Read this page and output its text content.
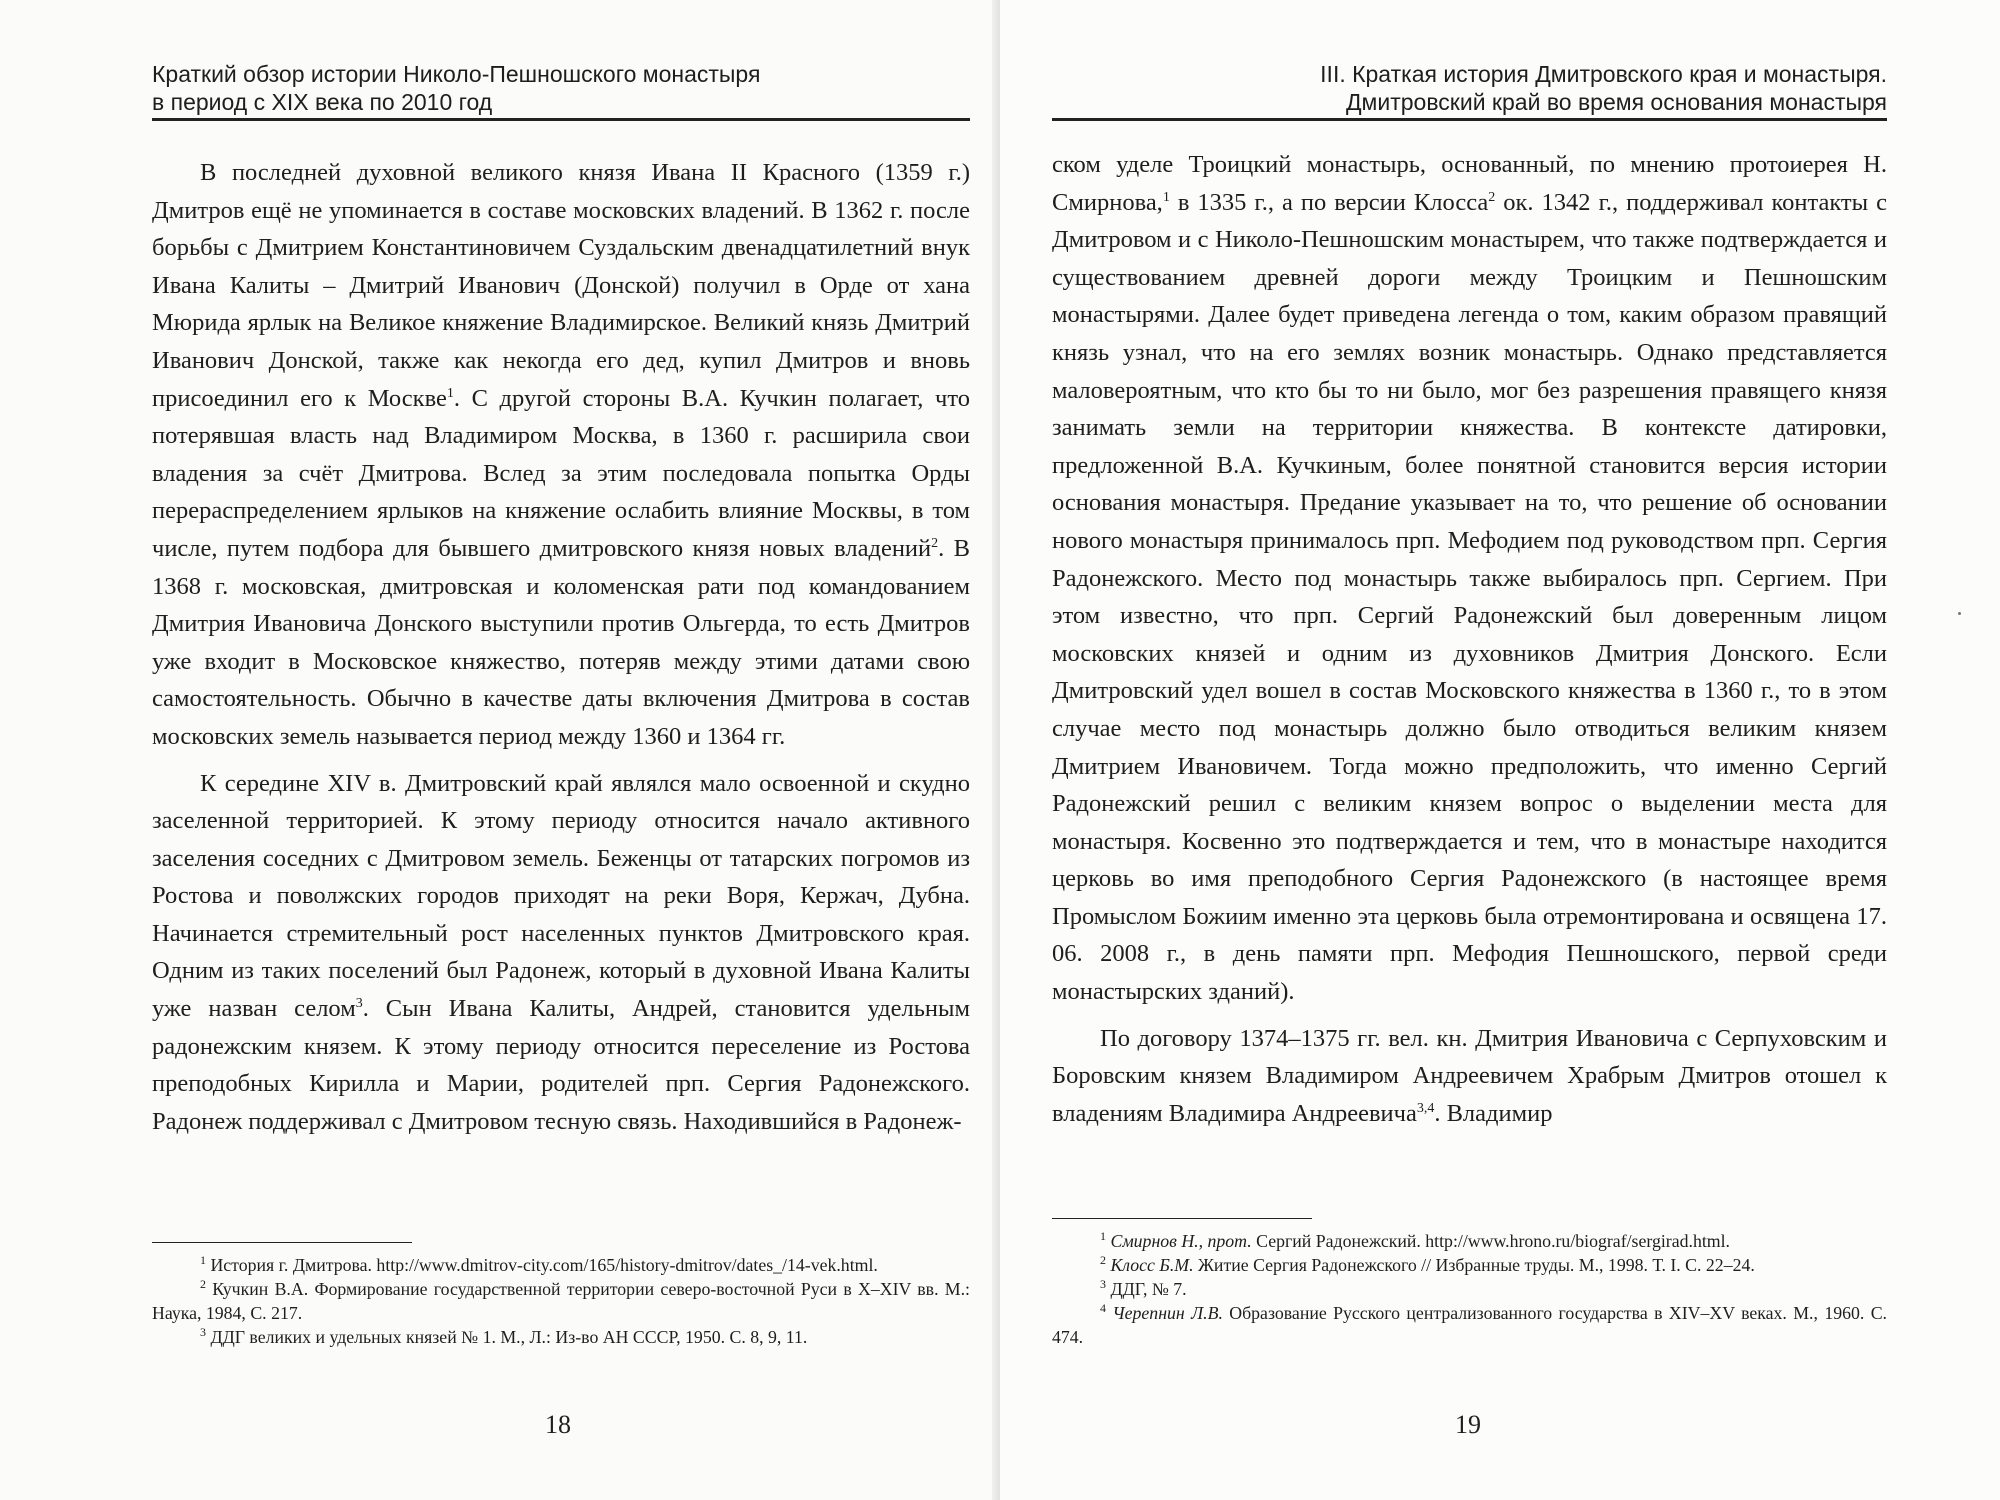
Краткий обзор истории Николо-Пешношского монастыря
в период с XIX века по 2010 год

В последней духовной великого князя Ивана II Красного (1359 г.) Дмитров ещё не упоминается в составе московских владений. В 1362 г. после борьбы с Дмитрием Константиновичем Суздальским двенадцатилетний внук Ивана Калиты – Дмитрий Иванович (Донской) получил в Орде от хана Мюрида ярлык на Великое княжение Владимирское. Великий князь Дмитрий Иванович Донской, также как некогда его дед, купил Дмитров и вновь присоединил его к Москве$^1$. С другой стороны В.А. Кучкин полагает, что потерявшая власть над Владимиром Москва, в 1360 г. расширила свои владения за счёт Дмитрова. Вслед за этим последовала попытка Орды перераспределением ярлыков на княжение ослабить влияние Москвы, в том числе, путем подбора для бывшего дмитровского князя новых владений$^2$. В 1368 г. московская, дмитровская и коломенская рати под командованием Дмитрия Ивановича Донского выступили против Ольгерда, то есть Дмитров уже входит в Московское княжество, потеряв между этими датами свою самостоятельность. Обычно в качестве даты включения Дмитрова в состав московских земель называется период между 1360 и 1364 гг.

К середине XIV в. Дмитровский край являлся мало освоенной и скудно заселенной территорией. К этому периоду относится начало активного заселения соседних с Дмитровом земель. Беженцы от татарских погромов из Ростова и поволжских городов приходят на реки Воря, Кержач, Дубна. Начинается стремительный рост населенных пунктов Дмитровского края. Одним из таких поселений был Радонеж, который в духовной Ивана Калиты уже назван селом$^3$. Сын Ивана Калиты, Андрей, становится удельным радонежским князем. К этому периоду относится переселение из Ростова преподобных Кирилла и Марии, родителей прп. Сергия Радонежского. Радонеж поддерживал с Дмитровом тесную связь. Находившийся в Радонеж-

$^1$ История г. Дмитрова. http://www.dmitrov-city.com/165/history-dmitrov/dates_/14-vek.html.

$^2$ Кучкин В.А. Формирование государственной территории северо-восточной Руси в X–XIV вв. М.: Наука, 1984, С. 217.

$^3$ ДДГ великих и удельных князей № 1. М., Л.: Из-во АН СССР, 1950. С. 8, 9, 11.

18
III. Краткая история Дмитровского края и монастыря.
Дмитровский край во время основания монастыря

ском уделе Троицкий монастырь, основанный, по мнению протоиерея Н. Смирнова,$^1$ в 1335 г., а по версии Клосса$^2$ ок. 1342 г., поддерживал контакты с Дмитровом и с Николо-Пешношским монастырем, что также подтверждается и существованием древней дороги между Троицким и Пешношским монастырями. Далее будет приведена легенда о том, каким образом правящий князь узнал, что на его землях возник монастырь. Однако представляется маловероятным, что кто бы то ни было, мог без разрешения правящего князя занимать земли на территории княжества. В контексте датировки, предложенной В.А. Кучкиным, более понятной становится версия истории основания монастыря. Предание указывает на то, что решение об основании нового монастыря принималось прп. Мефодием под руководством прп. Сергия Радонежского. Место под монастырь также выбиралось прп. Сергием. При этом известно, что прп. Сергий Радонежский был доверенным лицом московских князей и одним из духовников Дмитрия Донского. Если Дмитровский удел вошел в состав Московского княжества в 1360 г., то в этом случае место под монастырь должно было отводиться великим князем Дмитрием Ивановичем. Тогда можно предположить, что именно Сергий Радонежский решил с великим князем вопрос о выделении места для монастыря. Косвенно это подтверждается и тем, что в монастыре находится церковь во имя преподобного Сергия Радонежского (в настоящее время Промыслом Божиим именно эта церковь была отремонтирована и освящена 17. 06. 2008 г., в день памяти прп. Мефодия Пешношского, первой среди монастырских зданий).

По договору 1374–1375 гг. вел. кн. Дмитрия Ивановича с Серпуховским и Боровским князем Владимиром Андреевичем Храбрым Дмитров отошел к владениям Владимира Андреевича$^{3,4}$. Владимир

$^1$ Смирнов Н., прот. Сергий Радонежский. http://www.hrono.ru/biograf/sergirad.html.

$^2$ Клосс Б.М. Житие Сергия Радонежского // Избранные труды. М., 1998. Т. I. С. 22–24.

$^3$ ДДГ, № 7.

$^4$ Черепнин Л.В. Образование Русского централизованного государства в XIV–XV веках. М., 1960. С. 474.

19
